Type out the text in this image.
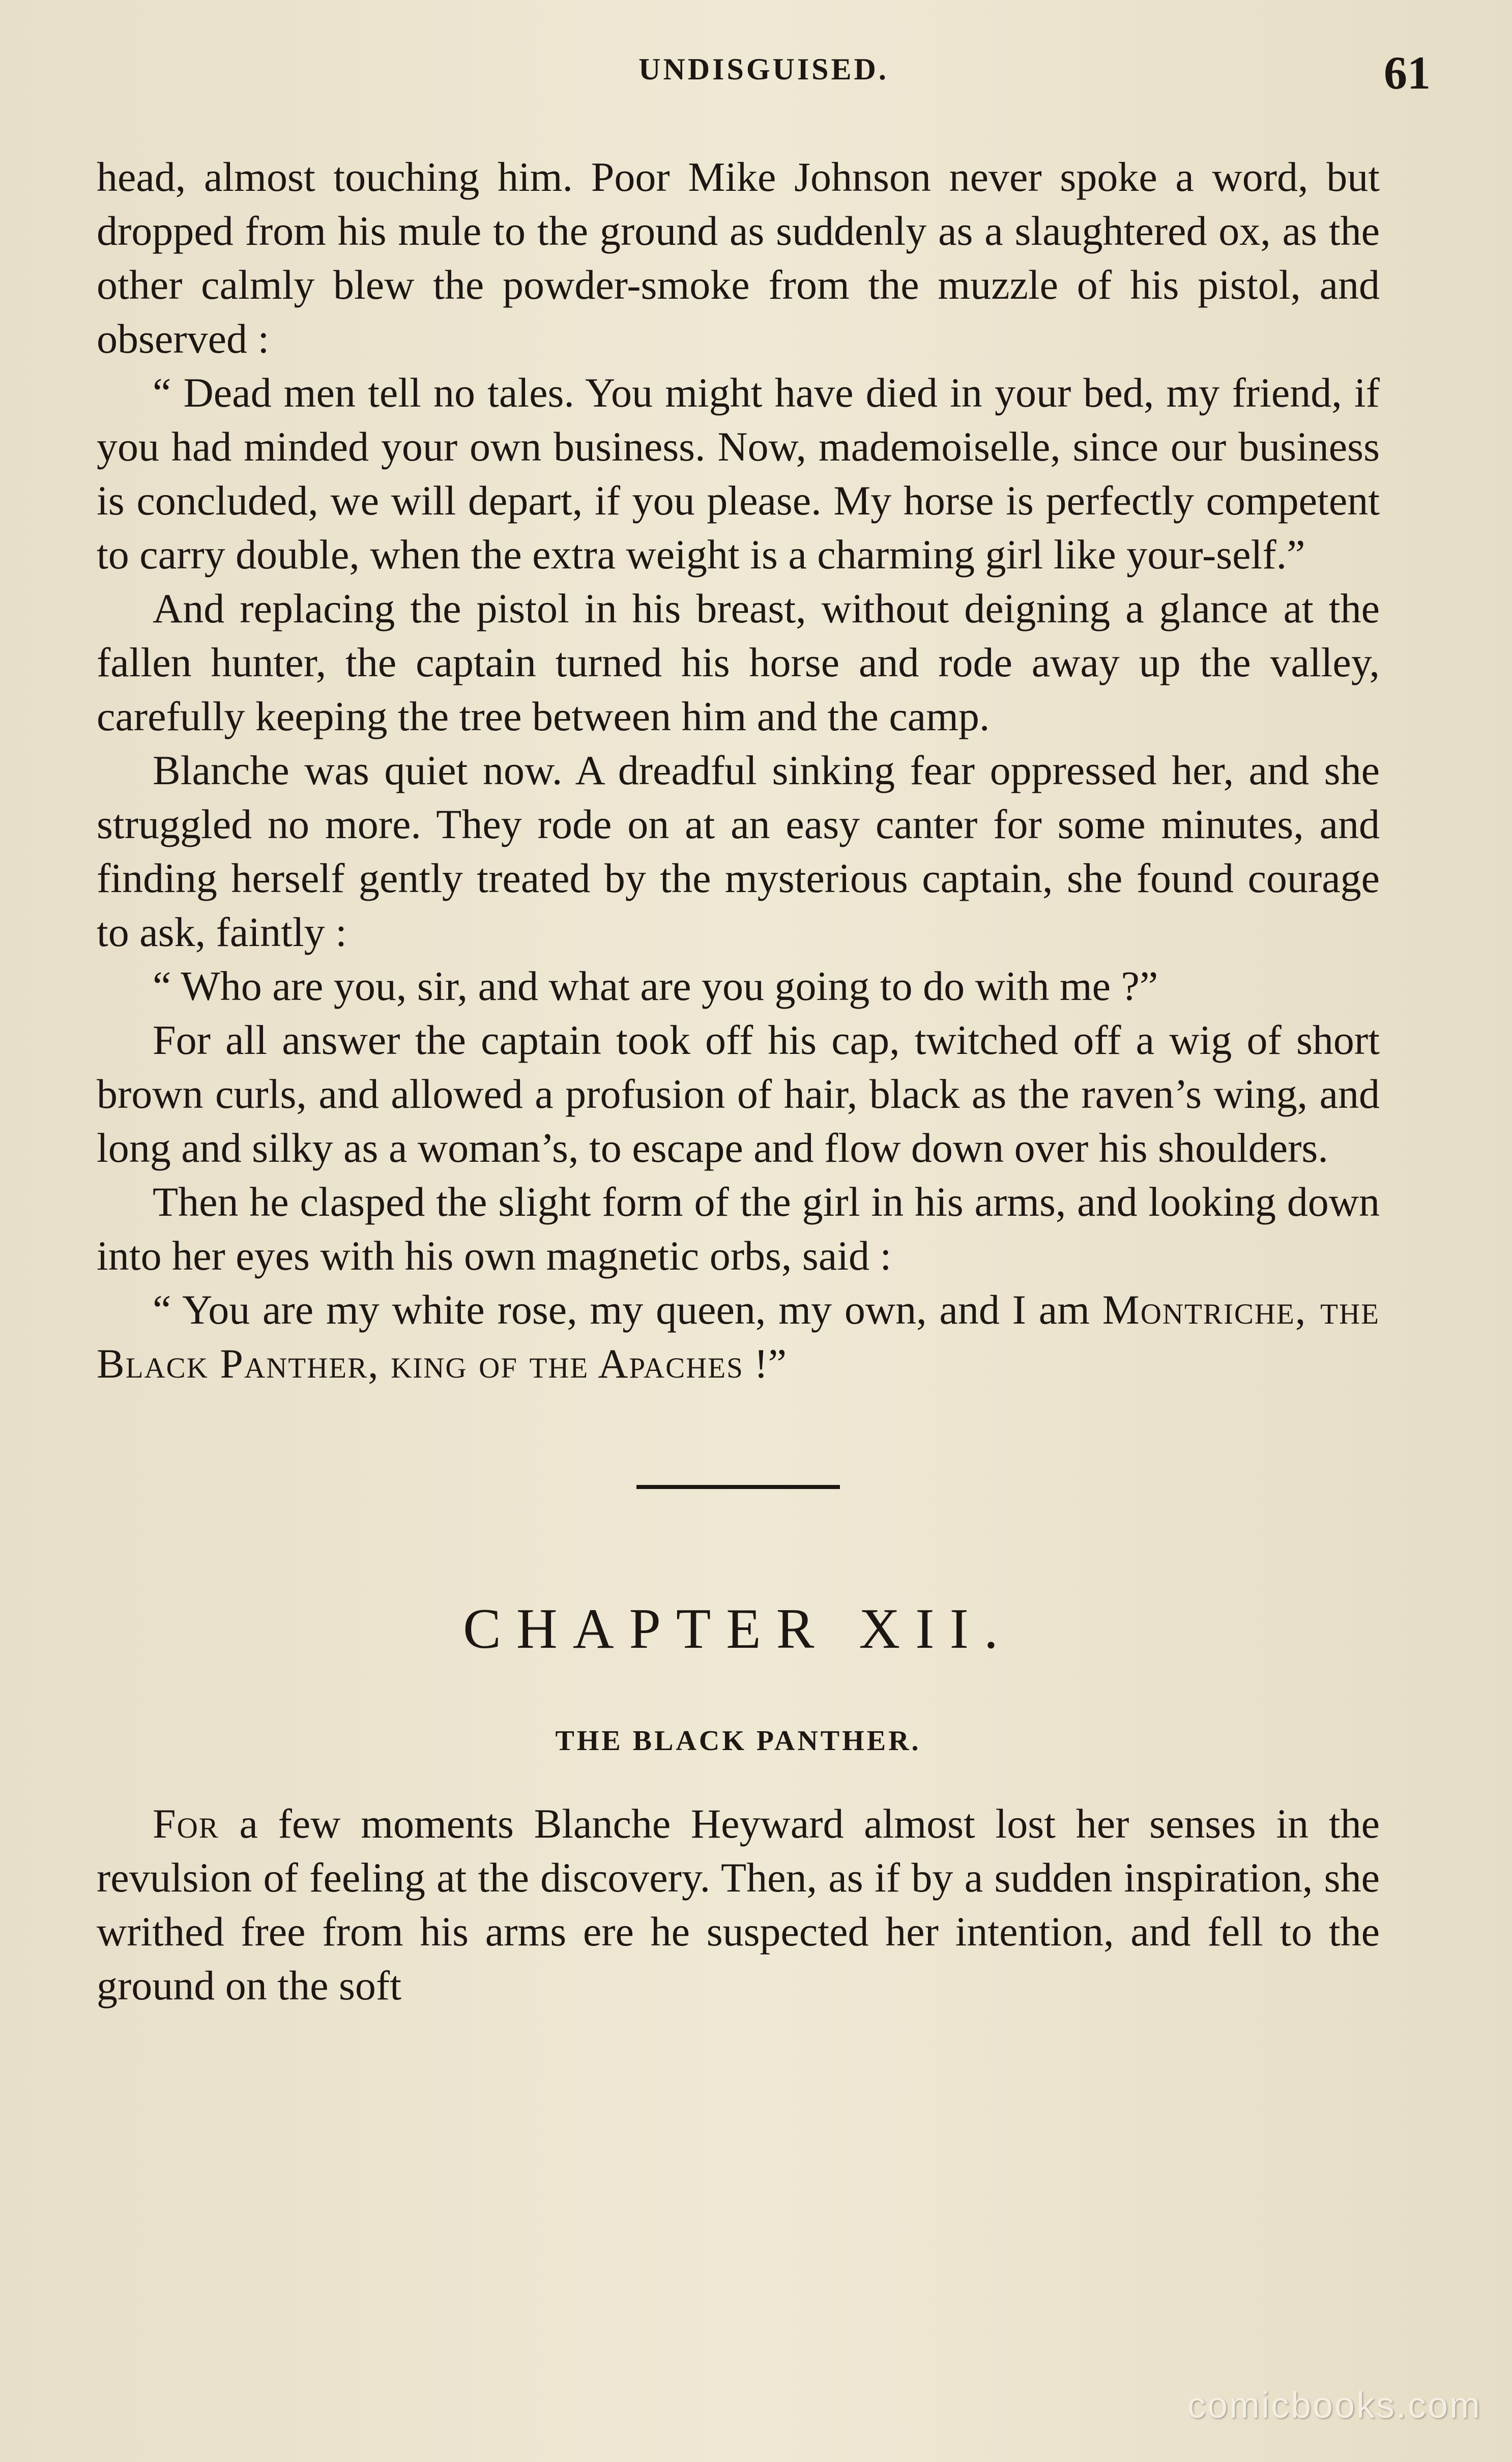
UNDISGUISED.	61

head, almost touching him. Poor Mike Johnson never spoke a word, but dropped from his mule to the ground as suddenly as a slaughtered ox, as the other calmly blew the powder-smoke from the muzzle of his pistol, and observed :

“ Dead men tell no tales. You might have died in your bed, my friend, if you had minded your own business. Now, mademoiselle, since our business is concluded, we will depart, if you please. My horse is perfectly competent to carry double, when the extra weight is a charming girl like your-self.”

And replacing the pistol in his breast, without deigning a glance at the fallen hunter, the captain turned his horse and rode away up the valley, carefully keeping the tree between him and the camp.

Blanche was quiet now. A dreadful sinking fear oppressed her, and she struggled no more. They rode on at an easy canter for some minutes, and finding herself gently treated by the mysterious captain, she found courage to ask, faintly :

“ Who are you, sir, and what are you going to do with me ?”

For all answer the captain took off his cap, twitched off a wig of short brown curls, and allowed a profusion of hair, black as the raven’s wing, and long and silky as a woman’s, to escape and flow down over his shoulders.

Then he clasped the slight form of the girl in his arms, and looking down into her eyes with his own magnetic orbs, said :

“ You are my white rose, my queen, my own, and I am Montriche, the Black Panther, king of the Apaches !”

CHAPTER XII.
THE BLACK PANTHER.

For a few moments Blanche Heyward almost lost her senses in the revulsion of feeling at the discovery. Then, as if by a sudden inspiration, she writhed free from his arms ere he suspected her intention, and fell to the ground on the soft

comicbooks.com
